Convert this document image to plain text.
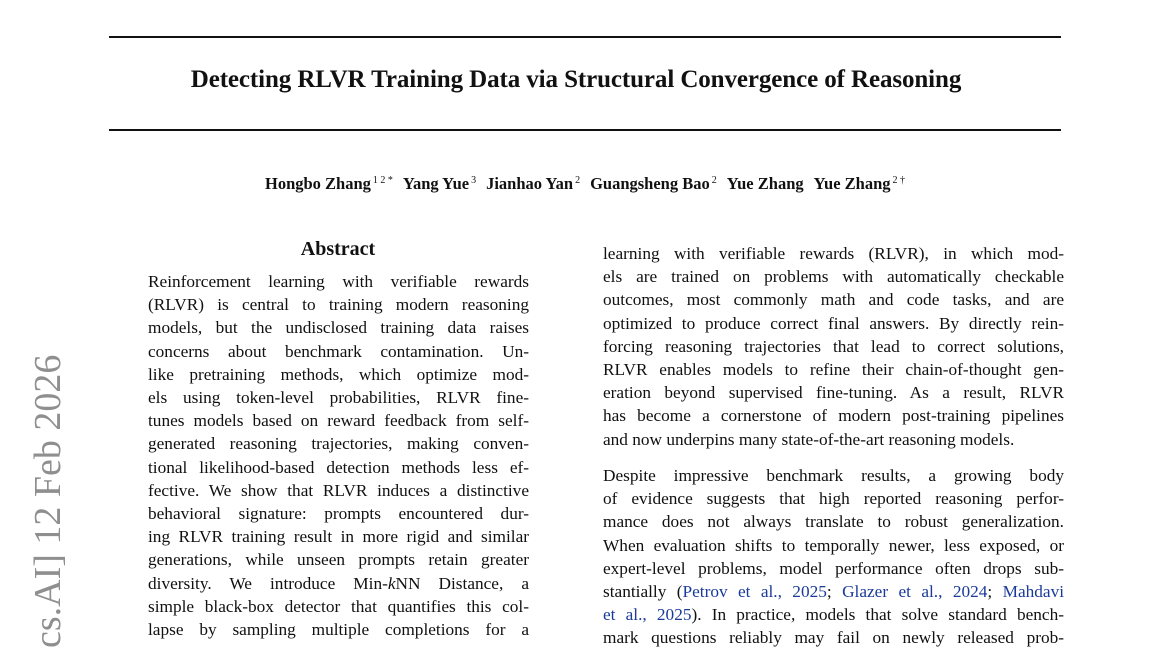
Detecting RLVR Training Data via Structural Convergence of Reasoning
Hongbo Zhang $^{1 2 *}$ Yang Yue $^3$ Jianhao Yan $^2$ Guangsheng Bao $^2$ Yue Zhang Yue Zhang $^{2 \dagger}$
cs.AI] 12 Feb 2026
Abstract

Reinforcement learning with verifiable rewards
(RLVR) is central to training modern reasoning
models, but the undisclosed training data raises
concerns about benchmark contamination. Un-
like pretraining methods, which optimize mod-
els using token-level probabilities, RLVR fine-
tunes models based on reward feedback from self-
generated reasoning trajectories, making conven-
tional likelihood-based detection methods less ef-
fective. We show that RLVR induces a distinctive
behavioral signature: prompts encountered dur-
ing RLVR training result in more rigid and similar
generations, while unseen prompts retain greater
diversity. We introduce Min-kNN Distance, a
simple black-box detector that quantifies this col-
lapse by sampling multiple completions for a

learning with verifiable rewards (RLVR), in which mod-
els are trained on problems with automatically checkable
outcomes, most commonly math and code tasks, and are
optimized to produce correct final answers. By directly rein-
forcing reasoning trajectories that lead to correct solutions,
RLVR enables models to refine their chain-of-thought gen-
eration beyond supervised fine-tuning. As a result, RLVR
has become a cornerstone of modern post-training pipelines
and now underpins many state-of-the-art reasoning models.

Despite impressive benchmark results, a growing body
of evidence suggests that high reported reasoning perfor-
mance does not always translate to robust generalization.
When evaluation shifts to temporally newer, less exposed, or
expert-level problems, model performance often drops sub-
stantially (Petrov et al., 2025; Glazer et al., 2024; Mahdavi
et al., 2025). In practice, models that solve standard bench-
mark questions reliably may fail on newly released prob-
